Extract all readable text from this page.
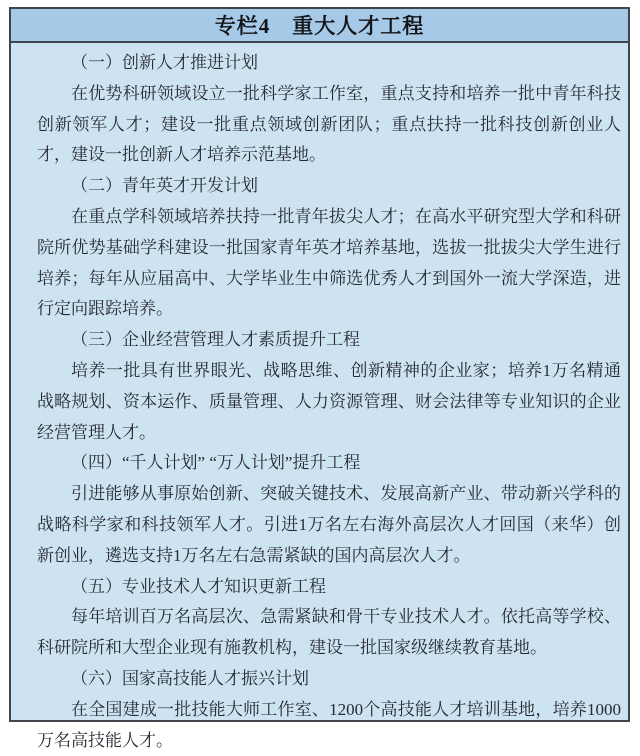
专栏4　重大人才工程

（一）创新人才推进计划

在优势科研领域设立一批科学家工作室，重点支持和培养一批中青年科技创新领军人才；建设一批重点领域创新团队；重点扶持一批科技创新创业人才，建设一批创新人才培养示范基地。

（二）青年英才开发计划

在重点学科领域培养扶持一批青年拔尖人才；在高水平研究型大学和科研院所优势基础学科建设一批国家青年英才培养基地，选拔一批拔尖大学生进行培养；每年从应届高中、大学毕业生中筛选优秀人才到国外一流大学深造，进行定向跟踪培养。

（三）企业经营管理人才素质提升工程

培养一批具有世界眼光、战略思维、创新精神的企业家；培养1万名精通战略规划、资本运作、质量管理、人力资源管理、财会法律等专业知识的企业经营管理人才。

（四）“千人计划” “万人计划”提升工程

引进能够从事原始创新、突破关键技术、发展高新产业、带动新兴学科的战略科学家和科技领军人才。引进1万名左右海外高层次人才回国（来华）创新创业，遴选支持1万名左右急需紧缺的国内高层次人才。

（五）专业技术人才知识更新工程

每年培训百万名高层次、急需紧缺和骨干专业技术人才。依托高等学校、科研院所和大型企业现有施教机构，建设一批国家级继续教育基地。

（六）国家高技能人才振兴计划

在全国建成一批技能大师工作室、1200个高技能人才培训基地，培养1000万名高技能人才。
